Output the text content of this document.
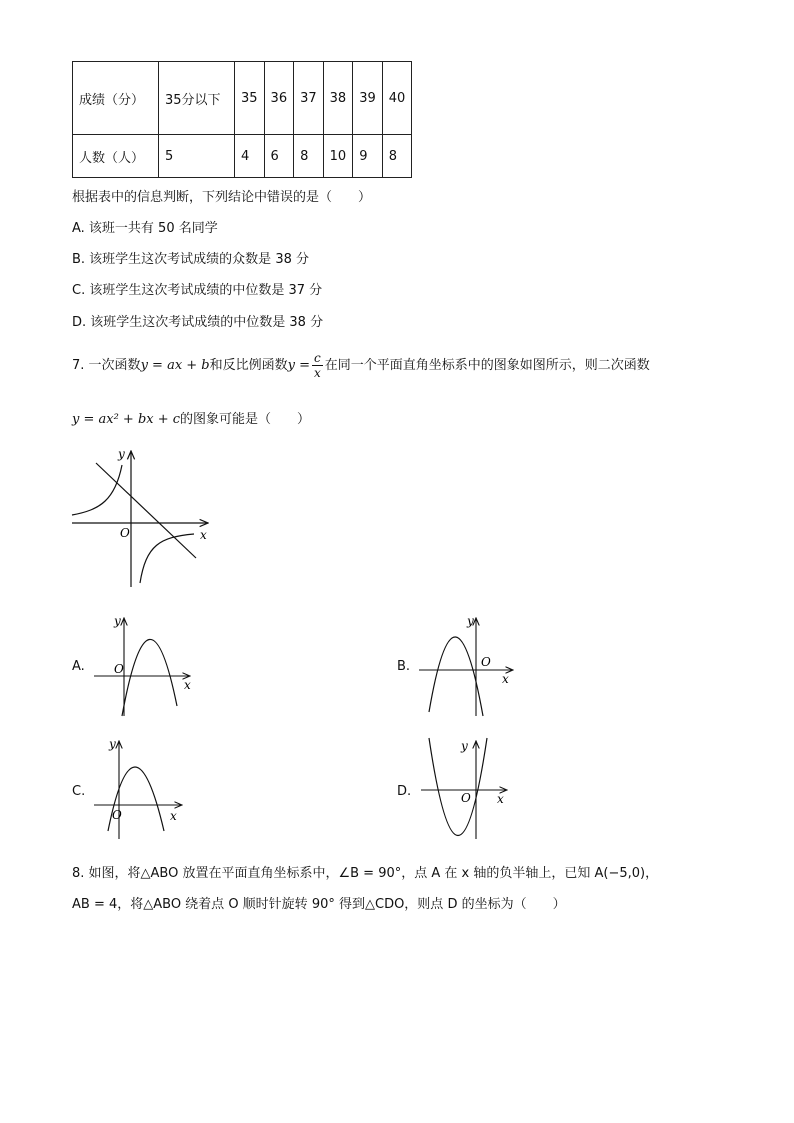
成绩（分）	35分以下	35	36	37	38	39	40
人数（人）	5	4	6	8	10	9	8
根据表中的信息判断，下列结论中错误的是（　　）
A. 该班一共有 50 名同学
B. 该班学生这次考试成绩的众数是 38 分
C. 该班学生这次考试成绩的中位数是 37 分
D. 该班学生这次考试成绩的中位数是 38 分
7. 一次函数y = ax + b和反比例函数$y = \frac{c}{x}$ 在同一个平面直角坐标系中的图象如图所示，则二次函数
y = ax² + bx + c的图象可能是（　　）
y
x
O
A.
y
x
O	B.
y
x
O
C.
y
x
O
D.
y
x
O
8. 如图，将△ABO 放置在平面直角坐标系中，∠B = 90°，点 A 在 x 轴的负半轴上，已知 A(−5,0)，
AB = 4，将△ABO 绕着点 O 顺时针旋转 90° 得到△CDO，则点 D 的坐标为（　　）
